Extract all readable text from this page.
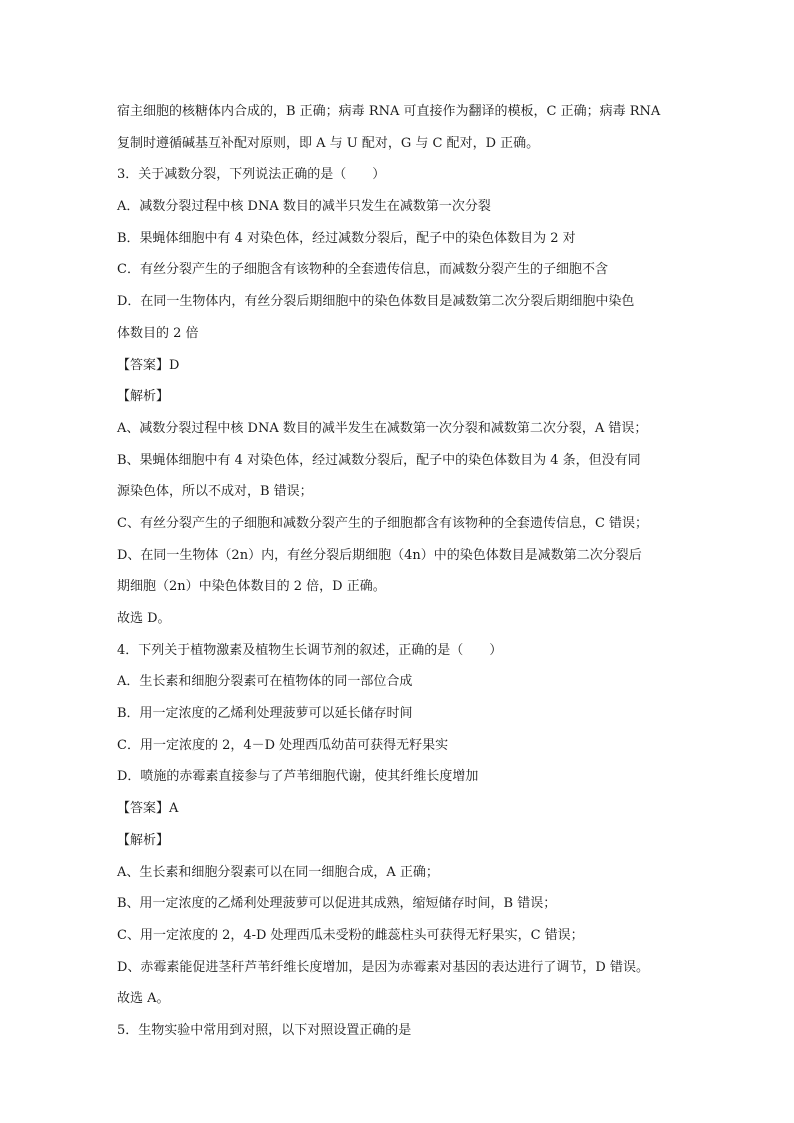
宿主细胞的核糖体内合成的，B 正确；病毒 RNA 可直接作为翻译的模板，C 正确；病毒 RNA
复制时遵循碱基互补配对原则，即 A 与 U 配对，G 与 C 配对，D 正确。
3．关于减数分裂，下列说法正确的是（　　）
A．减数分裂过程中核 DNA 数目的减半只发生在减数第一次分裂
B．果蝇体细胞中有 4 对染色体，经过减数分裂后，配子中的染色体数目为 2 对
C．有丝分裂产生的子细胞含有该物种的全套遗传信息，而减数分裂产生的子细胞不含
D．在同一生物体内，有丝分裂后期细胞中的染色体数目是减数第二次分裂后期细胞中染色
体数目的 2 倍
【答案】D
【解析】
A、减数分裂过程中核 DNA 数目的减半发生在减数第一次分裂和减数第二次分裂，A 错误；
B、果蝇体细胞中有 4 对染色体，经过减数分裂后，配子中的染色体数目为 4 条，但没有同
源染色体，所以不成对，B 错误；
C、有丝分裂产生的子细胞和减数分裂产生的子细胞都含有该物种的全套遗传信息，C 错误；
D、在同一生物体（2n）内，有丝分裂后期细胞（4n）中的染色体数目是减数第二次分裂后
期细胞（2n）中染色体数目的 2 倍，D 正确。
故选 D。
4．下列关于植物激素及植物生长调节剂的叙述，正确的是（　　）
A．生长素和细胞分裂素可在植物体的同一部位合成
B．用一定浓度的乙烯利处理菠萝可以延长储存时间
C．用一定浓度的 2，4－D 处理西瓜幼苗可获得无籽果实
D．喷施的赤霉素直接参与了芦苇细胞代谢，使其纤维长度增加
【答案】A
【解析】
A、生长素和细胞分裂素可以在同一细胞合成，A 正确；
B、用一定浓度的乙烯利处理菠萝可以促进其成熟，缩短储存时间，B 错误；
C、用一定浓度的 2，4-D 处理西瓜未受粉的雌蕊柱头可获得无籽果实，C 错误；
D、赤霉素能促进茎秆芦苇纤维长度增加，是因为赤霉素对基因的表达进行了调节，D 错误。
故选 A。
5．生物实验中常用到对照，以下对照设置正确的是
